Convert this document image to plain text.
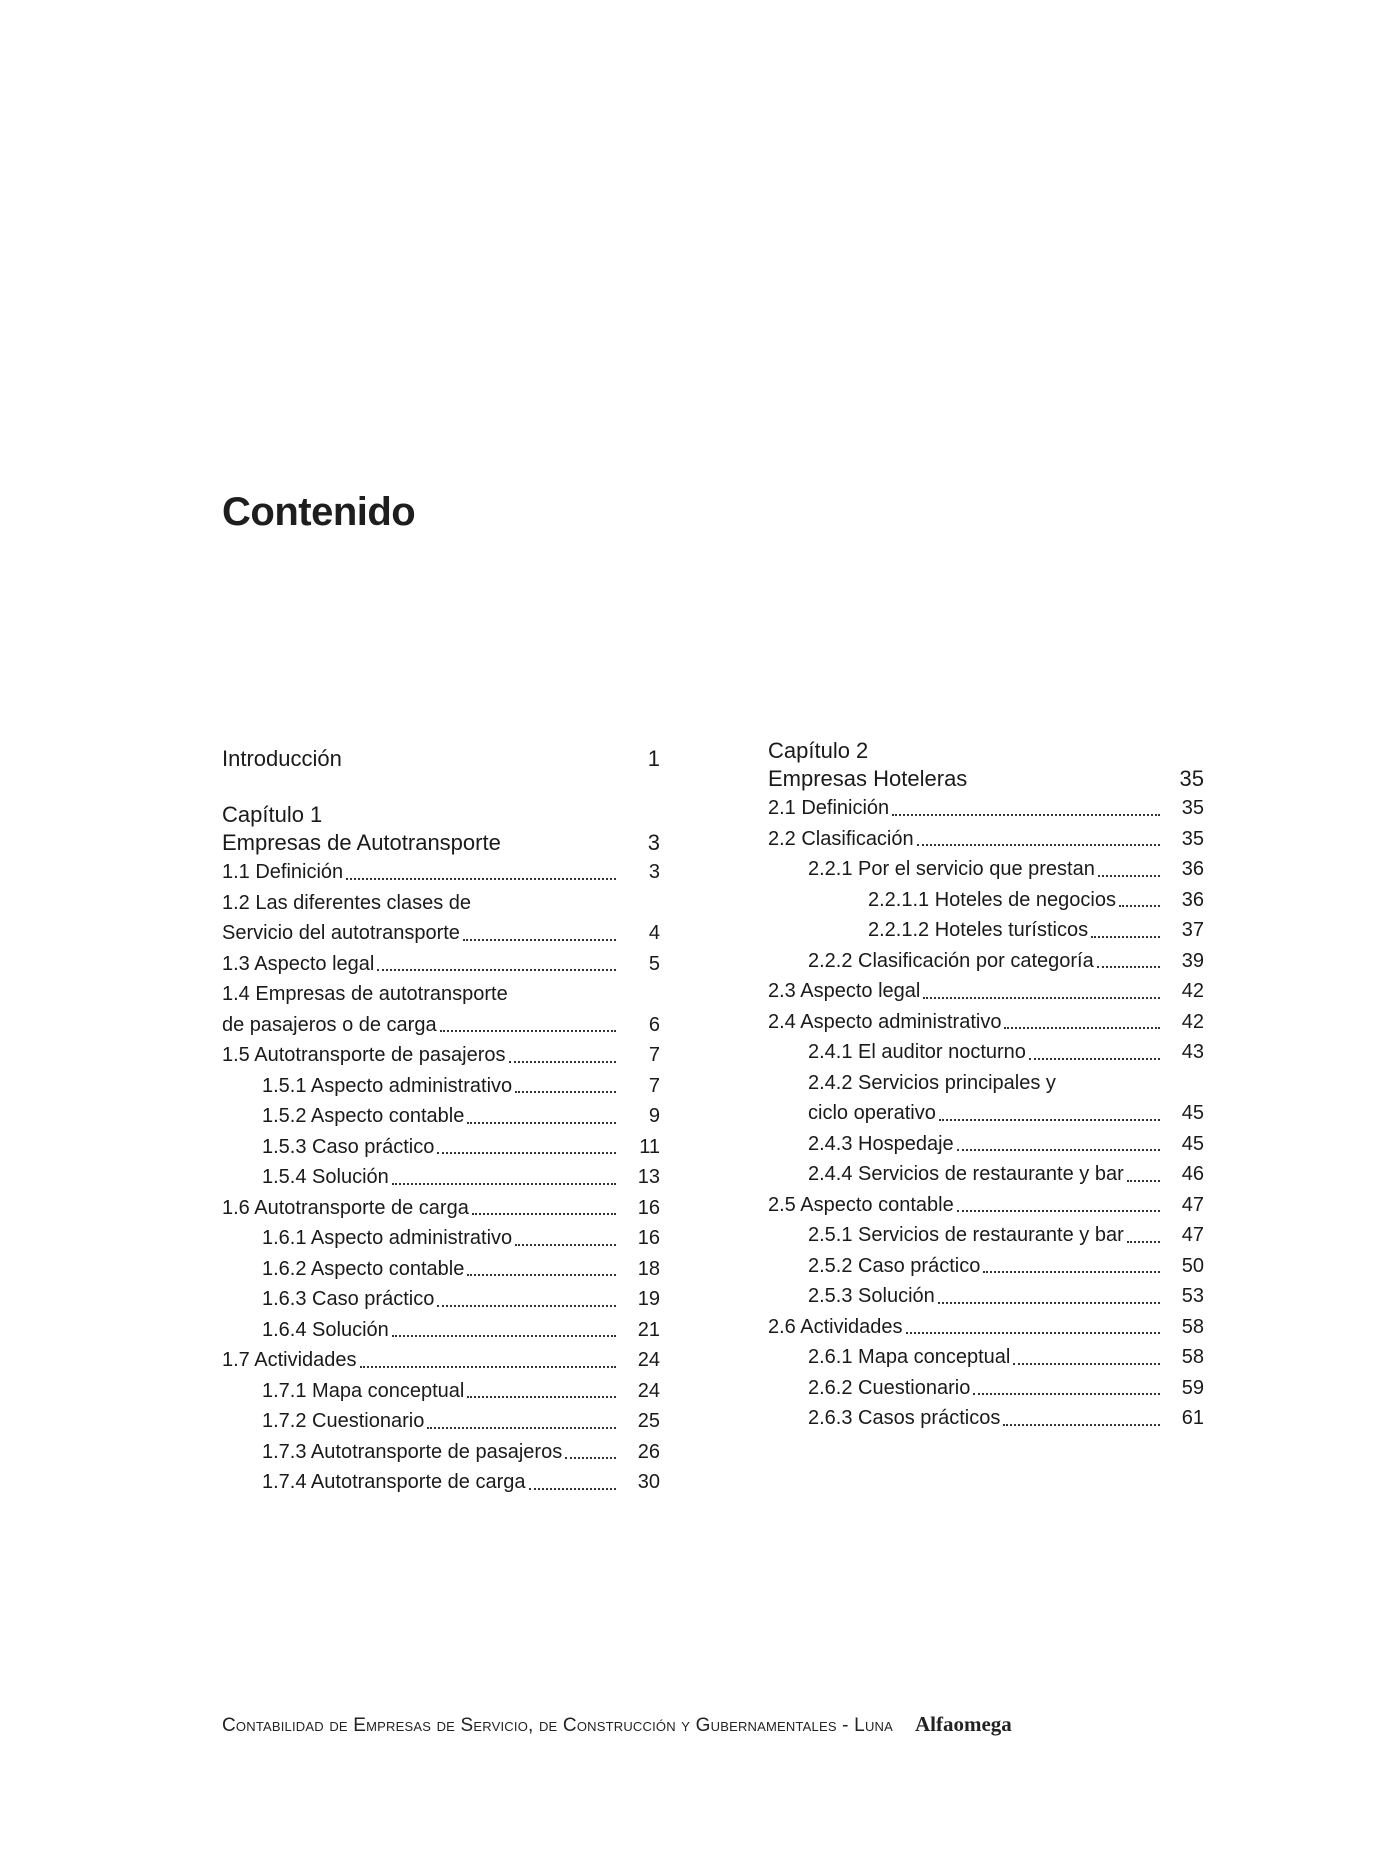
Contenido
Introducción	1
Capítulo 1
Empresas de Autotransporte	3
1.1 Definición	3
1.2 Las diferentes clases de
Servicio del autotransporte	4
1.3 Aspecto legal	5
1.4 Empresas de autotransporte
de pasajeros o de carga	6
1.5 Autotransporte de pasajeros	7
1.5.1 Aspecto administrativo	7
1.5.2 Aspecto contable	9
1.5.3 Caso práctico	11
1.5.4 Solución	13
1.6 Autotransporte de carga	16
1.6.1 Aspecto administrativo	16
1.6.2 Aspecto contable	18
1.6.3 Caso práctico	19
1.6.4 Solución	21
1.7 Actividades	24
1.7.1 Mapa conceptual	24
1.7.2 Cuestionario	25
1.7.3 Autotransporte de pasajeros	26
1.7.4 Autotransporte de carga	30
Capítulo 2
Empresas Hoteleras	35
2.1 Definición	35
2.2 Clasificación	35
2.2.1 Por el servicio que prestan	36
2.2.1.1 Hoteles de negocios	36
2.2.1.2 Hoteles turísticos	37
2.2.2 Clasificación por categoría	39
2.3 Aspecto legal	42
2.4 Aspecto administrativo	42
2.4.1 El auditor nocturno	43
2.4.2 Servicios principales y
ciclo operativo	45
2.4.3 Hospedaje	45
2.4.4 Servicios de restaurante y bar	46
2.5 Aspecto contable	47
2.5.1 Servicios de restaurante y bar	47
2.5.2 Caso práctico	50
2.5.3 Solución	53
2.6 Actividades	58
2.6.1 Mapa conceptual	58
2.6.2 Cuestionario	59
2.6.3 Casos prácticos	61
Contabilidad de Empresas de Servicio, de Construcción y Gubernamentales - Luna Alfaomega
